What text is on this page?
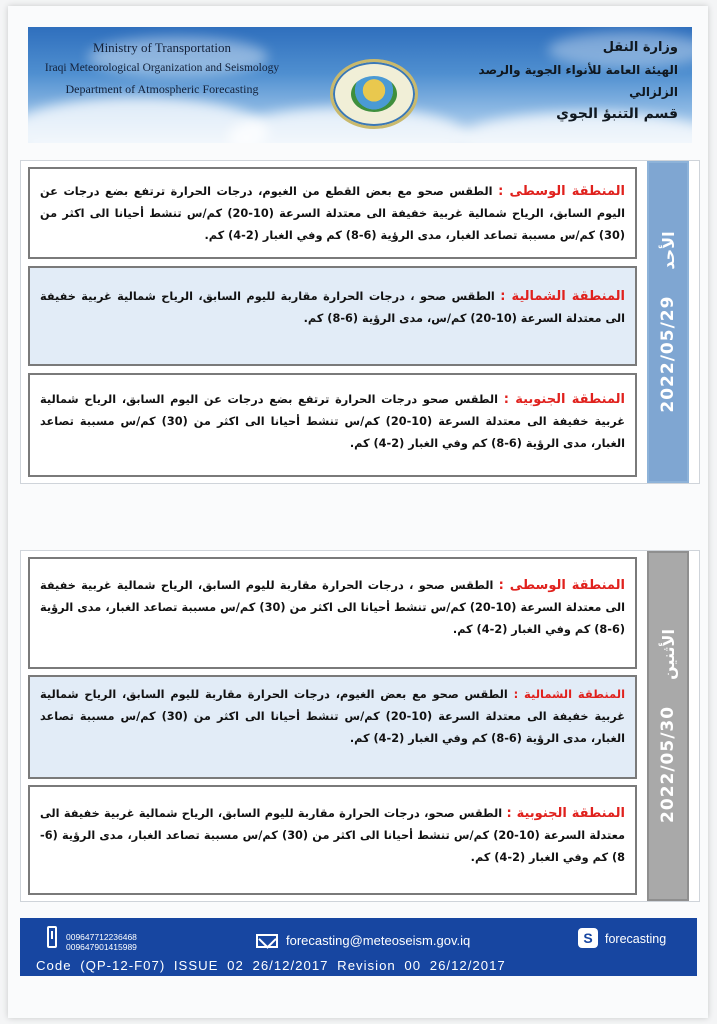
Ministry of Transportation
Iraqi Meteorological Organization and Seismology
Department of Atmospheric Forecasting
وزارة النقل
الهيئة العامة للأنواء الجوية والرصد الزلزالي
قسم التنبؤ الجوي
المنطقة الوسطى : الطقس صحو مع بعض القطع من الغيوم، درجات الحرارة ترتفع بضع درجات عن اليوم السابق، الرياح شمالية غربية خفيفة الى معتدلة السرعة (10-20) كم/س تنشط أحيانا الى اكثر من (30) كم/س مسببة تصاعد الغبار، مدى الرؤية (6-8) كم وفي الغبار (2-4) كم.
المنطقة الشمالية : الطقس صحو ، درجات الحرارة مقاربة لليوم السابق، الرياح شمالية غربية خفيفة الى معتدلة السرعة (10-20) كم/س، مدى الرؤية (6-8) كم.
المنطقة الجنوبية : الطقس صحو درجات الحرارة ترتفع بضع درجات عن اليوم السابق، الرياح شمالية غربية خفيفة الى معتدلة السرعة (10-20) كم/س تنشط أحيانا الى اكثر من (30) كم/س مسببة تصاعد الغبار، مدى الرؤية (6-8) كم وفي الغبار (2-4) كم.
2022/05/29
الأحد
المنطقة الوسطى : الطقس صحو ، درجات الحرارة مقاربة لليوم السابق، الرياح شمالية غربية خفيفة الى معتدلة السرعة (10-20) كم/س تنشط أحيانا الى اكثر من (30) كم/س مسببة تصاعد الغبار، مدى الرؤية (6-8) كم وفي الغبار (2-4) كم.
المنطقة الشمالية : الطقس صحو مع بعض الغيوم، درجات الحرارة مقاربة لليوم السابق، الرياح شمالية غربية خفيفة الى معتدلة السرعة (10-20) كم/س تنشط أحيانا الى اكثر من (30) كم/س مسببة تصاعد الغبار، مدى الرؤية (6-8) كم وفي الغبار (2-4) كم.
المنطقة الجنوبية : الطقس صحو، درجات الحرارة مقاربة لليوم السابق، الرياح شمالية غربية خفيفة الى معتدلة السرعة (10-20) كم/س تنشط أحيانا الى اكثر من (30) كم/س مسببة تصاعد الغبار، مدى الرؤية (6-8) كم وفي الغبار (2-4) كم.
2022/05/30
الأثنين
009647712236468
009647901415989	forecasting@meteoseism.gov.iq	S forecasting
Code (QP-12-F07) ISSUE 02 26/12/2017 Revision 00 26/12/2017
